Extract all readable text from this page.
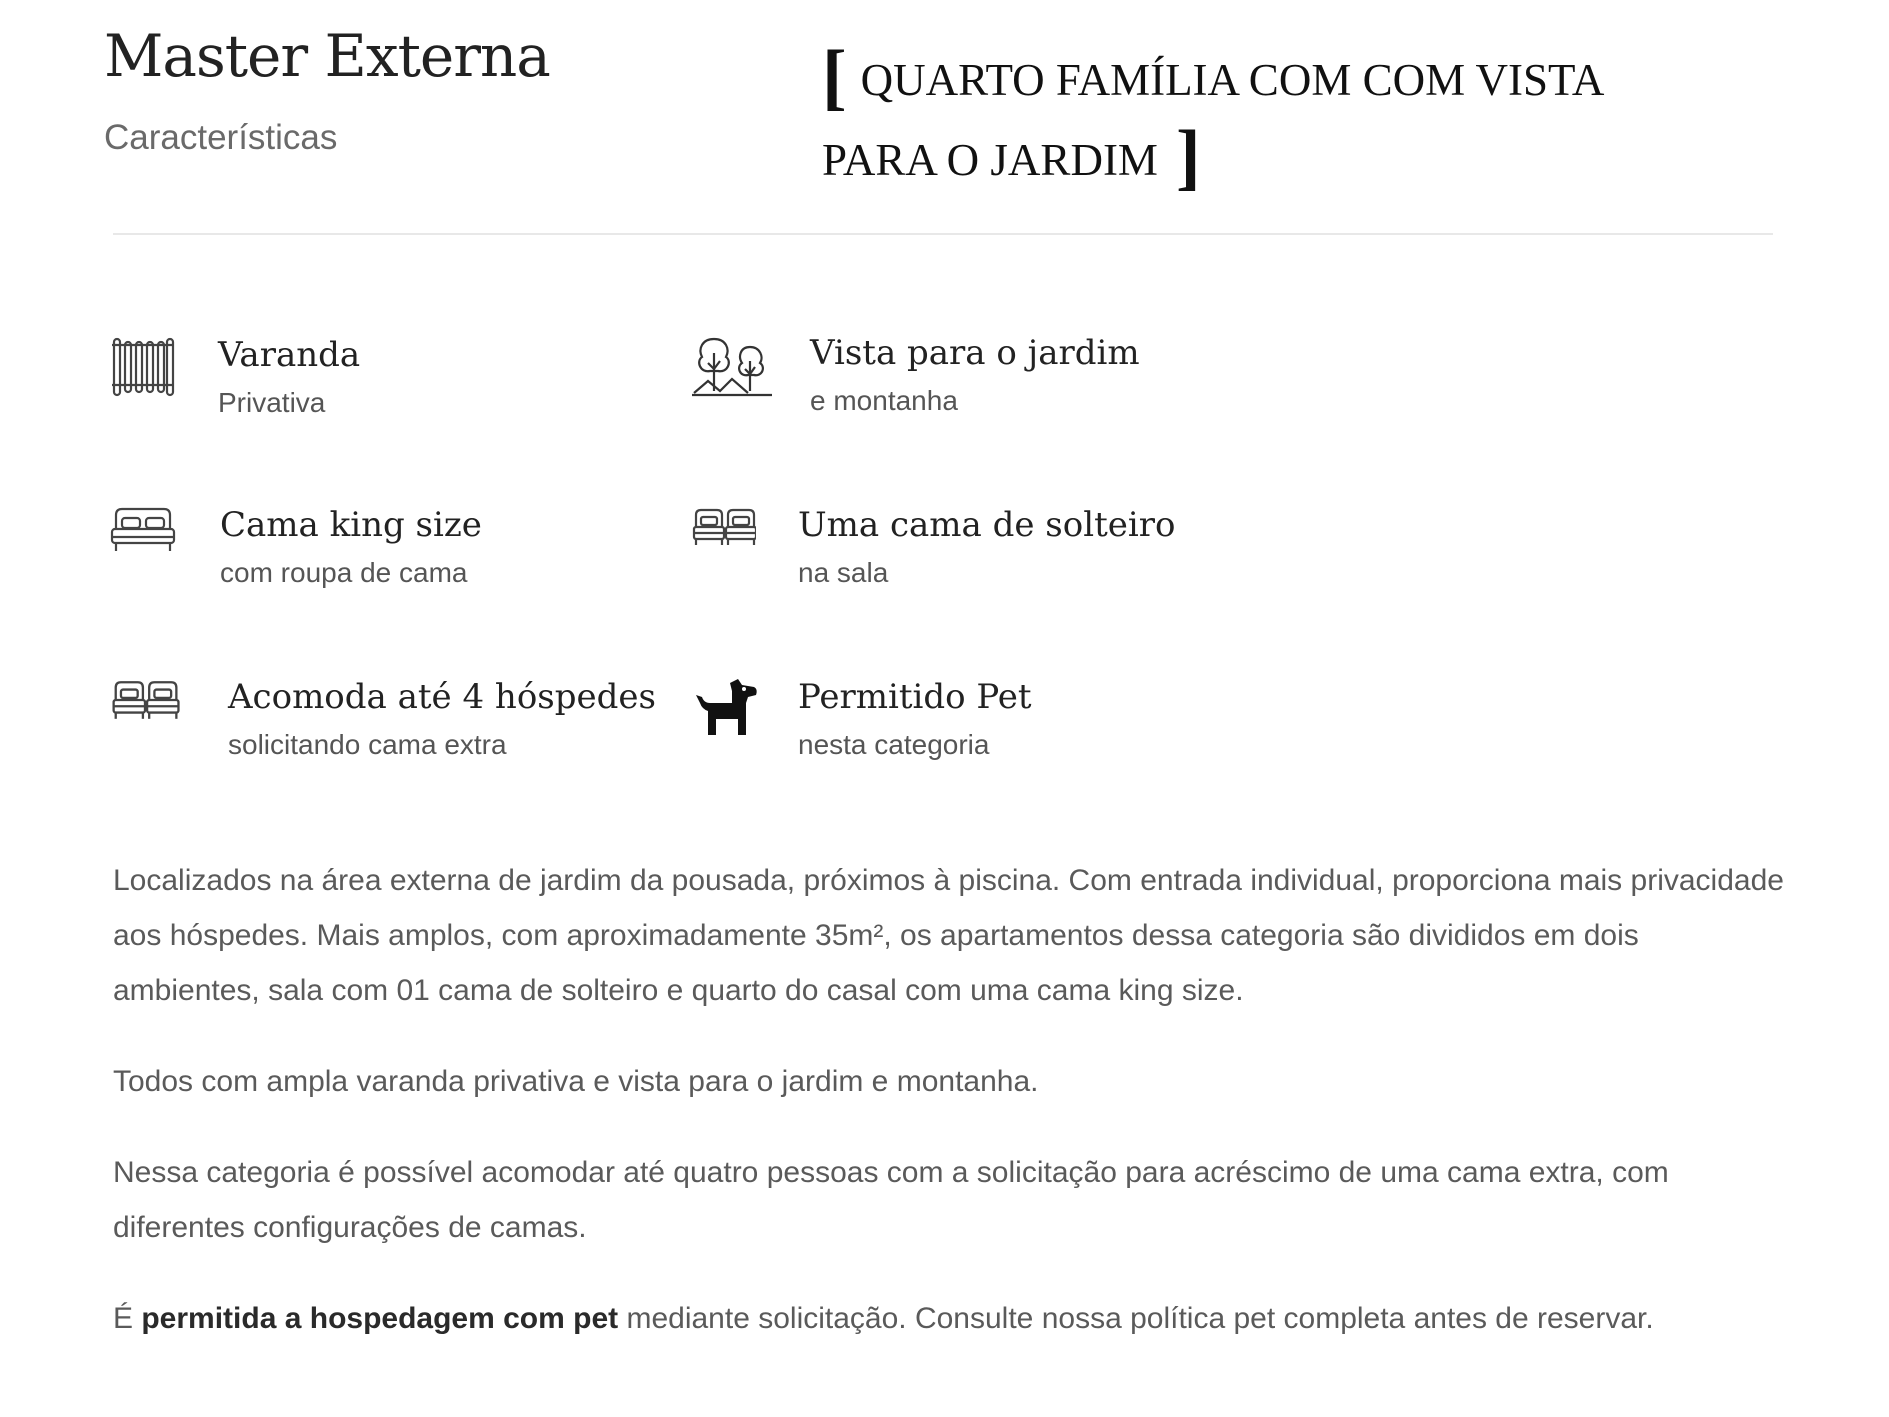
Master Externa
Características
[ QUARTO FAMÍLIA COM COM VISTA PARA O JARDIM ]
Varanda
Privativa
Vista para o jardim
e montanha
Cama king size
com roupa de cama
Uma cama de solteiro
na sala
Acomoda até 4 hóspedes
solicitando cama extra
Permitido Pet
nesta categoria

Localizados na área externa de jardim da pousada, próximos à piscina. Com entrada individual, proporciona mais privacidade aos hóspedes. Mais amplos, com aproximadamente 35m², os apartamentos dessa categoria são divididos em dois ambientes, sala com 01 cama de solteiro e quarto do casal com uma cama king size.

Todos com ampla varanda privativa e vista para o jardim e montanha.

Nessa categoria é possível acomodar até quatro pessoas com a solicitação para acréscimo de uma cama extra, com diferentes configurações de camas.

É permitida a hospedagem com pet mediante solicitação. Consulte nossa política pet completa antes de reservar.
